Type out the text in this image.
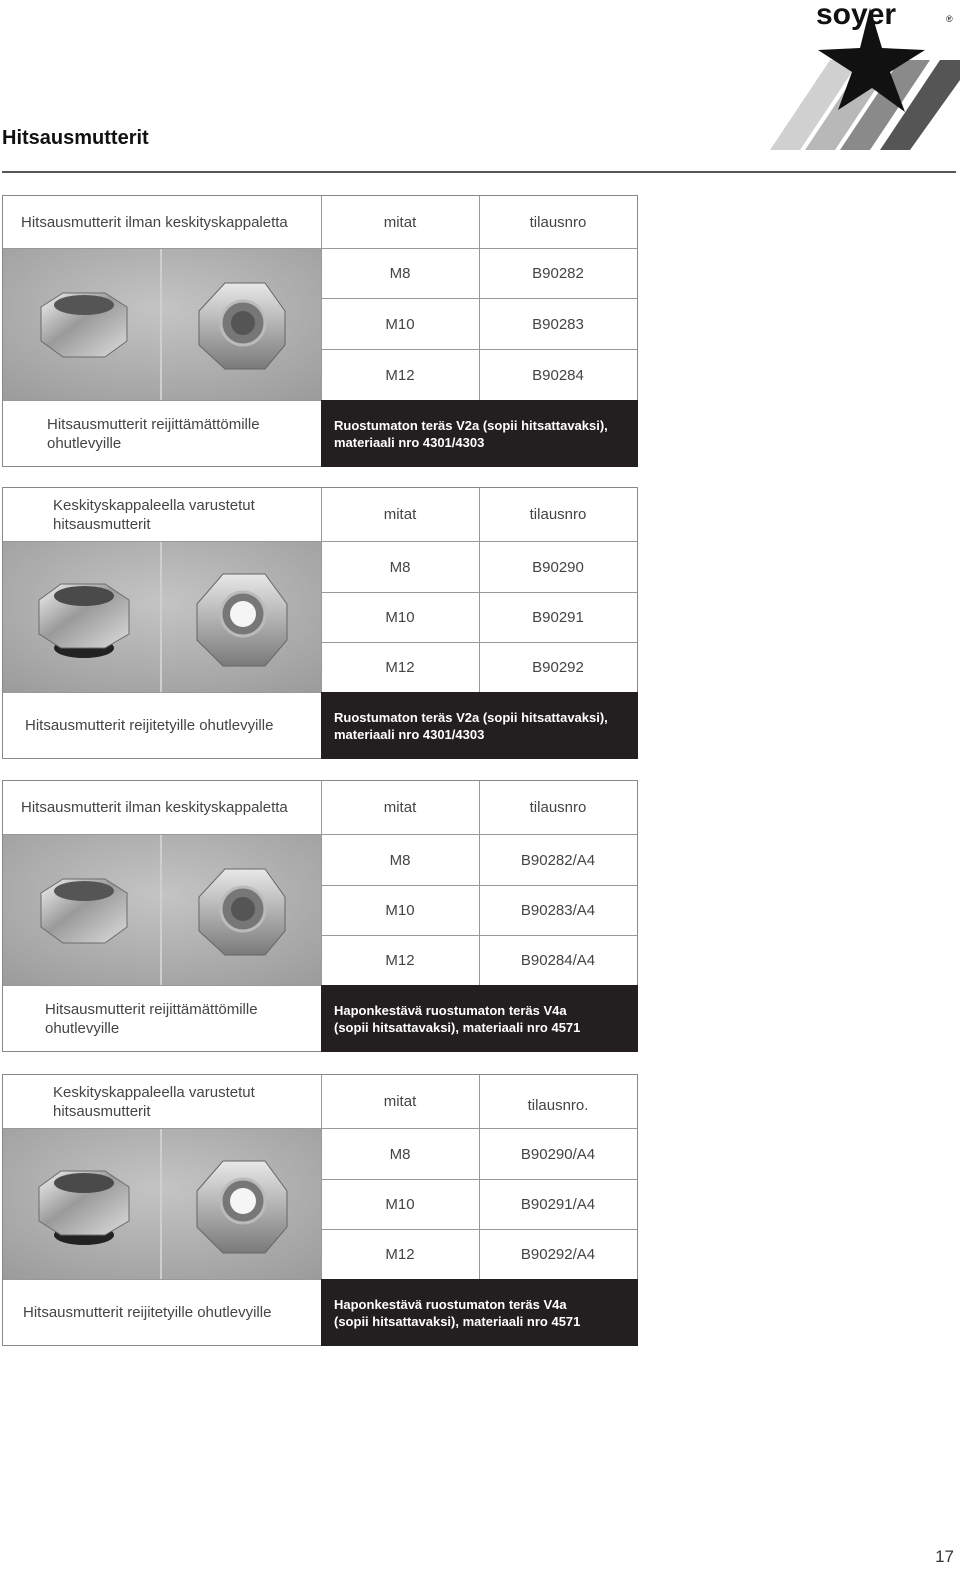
soyer	®
Hitsausmutterit
Hitsausmutterit ilman keskityskappaletta	mitat	tilausnro
M8	B90282
M10	B90283
M12	B90284
Hitsausmutterit reijittämättömille ohutlevyille
Ruostumaton teräs V2a (sopii hitsattavaksi),
materiaali nro 4301/4303
Keskityskappaleella varustetut hitsausmutterit
mitat	tilausnro
M8	B90290
M10	B90291
M12	B90292
Hitsausmutterit reijitetyille ohutlevyille	Ruostumaton teräs V2a (sopii hitsattavaksi),
materiaali nro 4301/4303
Hitsausmutterit ilman keskityskappaletta	mitat	tilausnro
M8	B90282/A4
M10	B90283/A4
M12	B90284/A4
Hitsausmutterit reijittämättömille ohutlevyille
Haponkestävä ruostumaton teräs V4a
(sopii hitsattavaksi), materiaali nro 4571
Keskityskappaleella varustetut hitsausmutterit
mitat	tilausnro.
M8	B90290/A4
M10	B90291/A4
M12	B90292/A4
Hitsausmutterit reijitetyille ohutlevyille	Haponkestävä ruostumaton teräs V4a
(sopii hitsattavaksi), materiaali nro 4571
17
